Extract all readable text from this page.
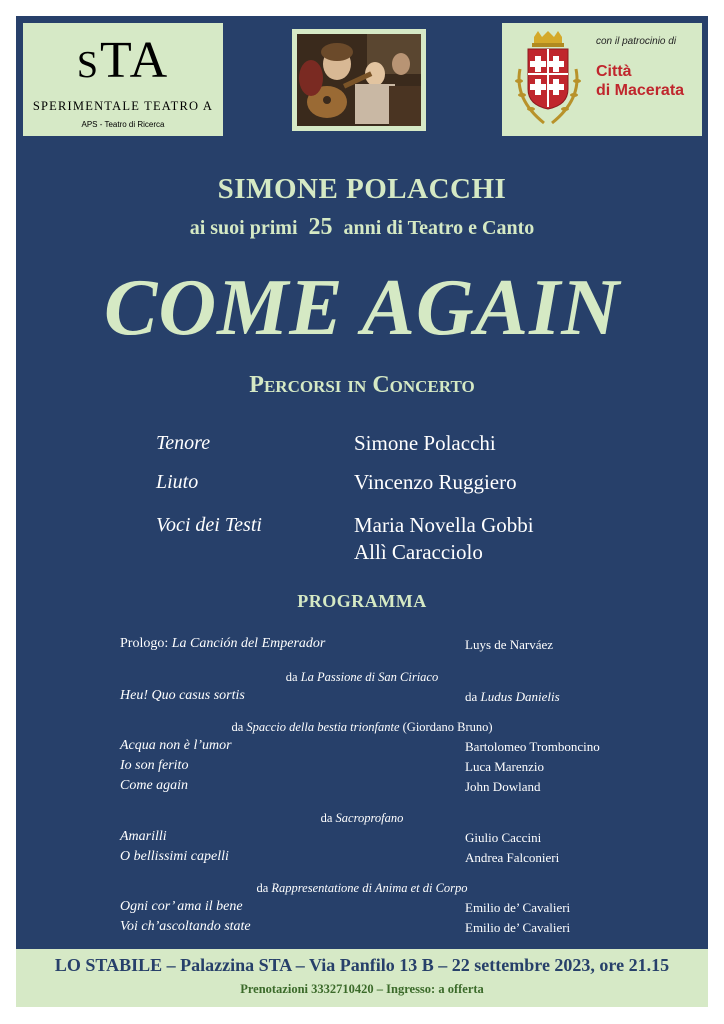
STA
SPERIMENTALE TEATRO A
APS - Teatro di Ricerca
con il patrocinio di
Città
di Macerata
SIMONE POLACCHI
ai suoi primi 25 anni di Teatro e Canto
COME AGAIN
Percorsi in Concerto
Tenore	Simone Polacchi
Liuto	Vincenzo Ruggiero
Voci dei Testi	Maria Novella Gobbi
Allì Caracciolo
PROGRAMMA
Prologo: La Canción del Emperador	Luys de Narváez
da La Passione di San Ciriaco
Heu! Quo casus sortis	da Ludus Danielis
da Spaccio della bestia trionfante (Giordano Bruno)
Acqua non è l’umor	Bartolomeo Tromboncino
Io son ferito	Luca Marenzio
Come again	John Dowland
da Sacroprofano
Amarilli	Giulio Caccini
O bellissimi capelli	Andrea Falconieri
da Rappresentatione di Anima et di Corpo
Ogni cor’ ama il bene	Emilio de’ Cavalieri
Voi ch’ascoltando state	Emilio de’ Cavalieri
LO STABILE – Palazzina STA – Via Panfilo 13 B – 22 settembre 2023, ore 21.15
Prenotazioni 3332710420 – Ingresso: a offerta
